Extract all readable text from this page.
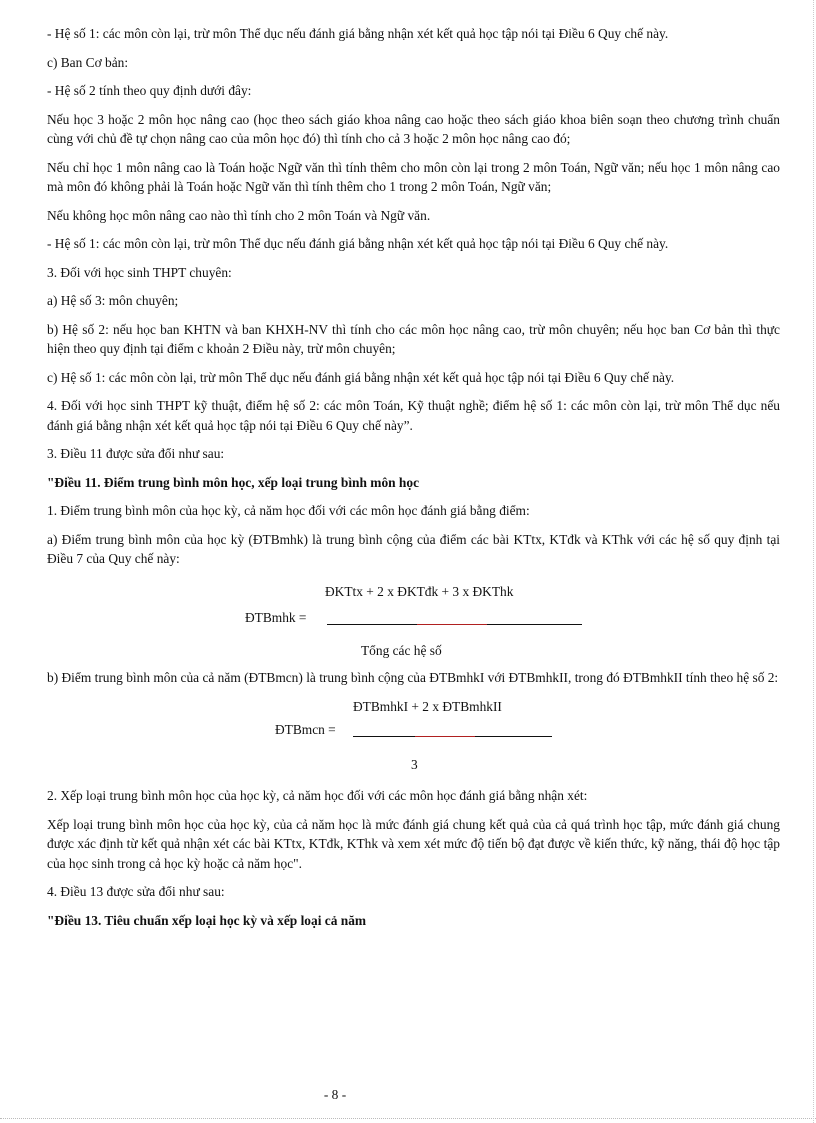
- Hệ số 1: các môn còn lại, trừ môn Thể dục nếu đánh giá bằng nhận xét kết quả học tập nói tại Điều 6 Quy chế này.

c) Ban Cơ bản:

- Hệ số 2 tính theo quy định dưới đây:

Nếu học 3 hoặc 2 môn học nâng cao (học theo sách giáo khoa nâng cao hoặc theo sách giáo khoa biên soạn theo chương trình chuẩn cùng với chủ đề tự chọn nâng cao của môn học đó) thì tính cho cả 3 hoặc 2 môn học nâng cao đó;

Nếu chỉ học 1 môn nâng cao là Toán hoặc Ngữ văn thì tính thêm cho môn còn lại trong 2 môn Toán, Ngữ văn; nếu học 1 môn nâng cao mà môn đó không phải là Toán hoặc Ngữ văn thì tính thêm cho 1 trong 2 môn Toán, Ngữ văn;

Nếu không học môn nâng cao nào thì tính cho 2 môn Toán và Ngữ văn.

- Hệ số 1: các môn còn lại, trừ môn Thể dục nếu đánh giá bằng nhận xét kết quả học tập nói tại Điều 6 Quy chế này.

3. Đối với học sinh THPT chuyên:

a) Hệ số 3: môn chuyên;

b) Hệ số 2: nếu học ban KHTN và ban KHXH-NV thì tính cho các môn học nâng cao, trừ môn chuyên; nếu học ban Cơ bản thì thực hiện theo quy định tại điểm c khoản 2 Điều này, trừ môn chuyên;

c) Hệ số 1: các môn còn lại, trừ môn Thể dục nếu đánh giá bằng nhận xét kết quả học tập nói tại Điều 6 Quy chế này.

4. Đối với học sinh THPT kỹ thuật, điểm hệ số 2: các môn Toán, Kỹ thuật nghề; điểm hệ số 1: các môn còn lại, trừ môn Thể dục nếu đánh giá bằng nhận xét kết quả học tập nói tại Điều 6 Quy chế này”.

3. Điều 11 được sửa đổi như sau:

"Điều 11. Điểm trung bình môn học, xếp loại trung bình môn học

1. Điểm trung bình môn của học kỳ, cả năm học đối với các môn học đánh giá bằng điểm:

a) Điểm trung bình môn của học kỳ (ĐTBmhk) là trung bình cộng của điểm các bài KTtx, KTđk và KThk với các hệ số quy định tại Điều 7 của Quy chế này:

ĐKTtx + 2 x ĐKTđk + 3 x ĐKThk
ĐTBmhk =
Tổng các hệ số

b) Điểm trung bình môn của cả năm (ĐTBmcn) là trung bình cộng của ĐTBmhkI với ĐTBmhkII, trong đó ĐTBmhkII tính theo hệ số 2:

ĐTBmhkI + 2 x ĐTBmhkII
ĐTBmcn =
3

2. Xếp loại trung bình môn học của học kỳ, cả năm học đối với các môn học đánh giá bằng nhận xét:

Xếp loại trung bình môn học của học kỳ, của cả năm học là mức đánh giá chung kết quả của cả quá trình học tập, mức đánh giá chung được xác định từ kết quả nhận xét các bài KTtx, KTđk, KThk và xem xét mức độ tiến bộ đạt được về kiến thức, kỹ năng, thái độ học tập của học sinh trong cả học kỳ hoặc cả năm học".

4. Điều 13 được sửa đổi như sau:

"Điều 13. Tiêu chuẩn xếp loại học kỳ và xếp loại cả năm

- 8 -
